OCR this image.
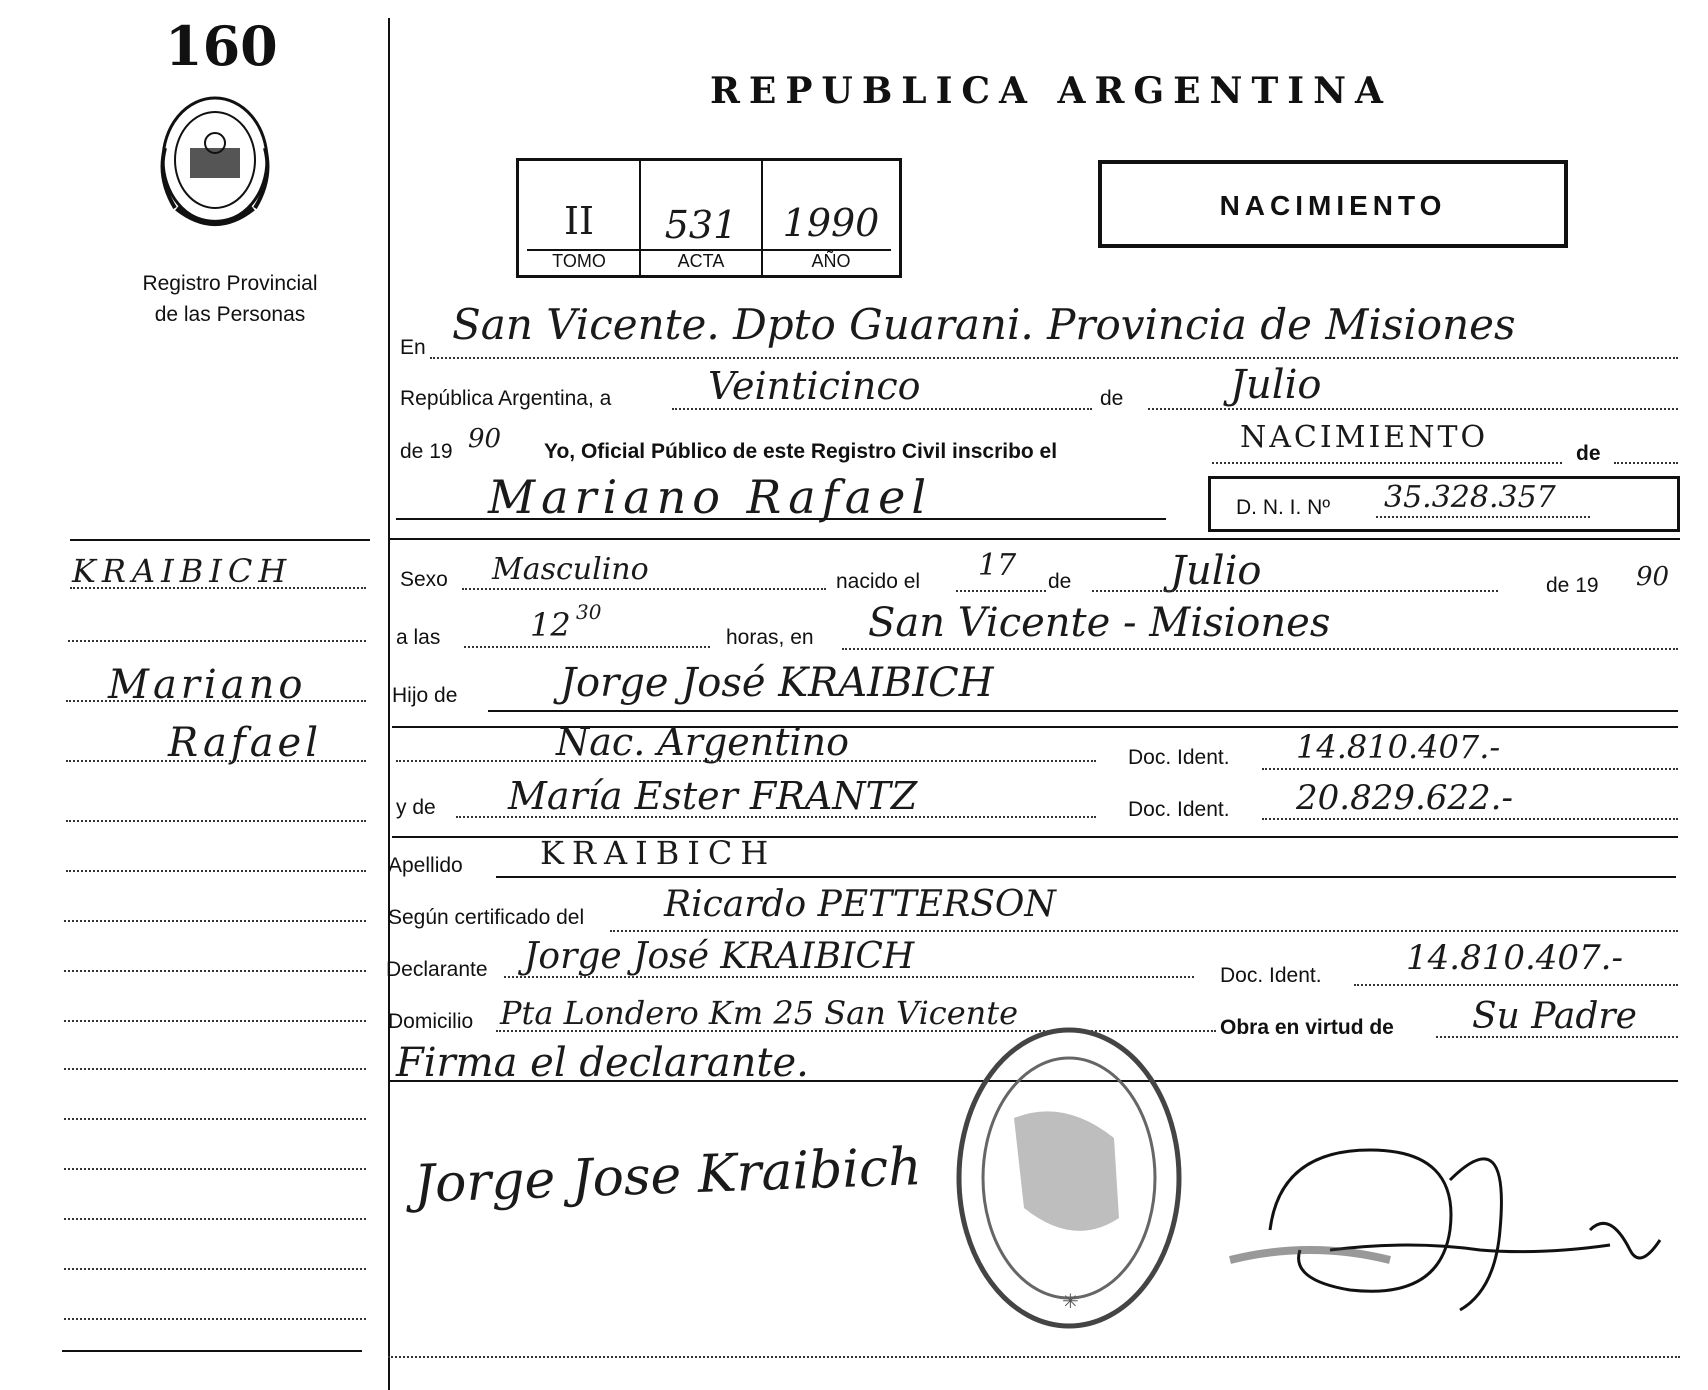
160
Registro Provincial
de las Personas
KRAIBICH
Mariano
Rafael
REPUBLICA ARGENTINA
II	531	1990
TOMO	ACTA	AÑO
NACIMIENTO
En San Vicente. Dpto Guarani. Provincia de Misiones
República Argentina, a	Veinticinco	de	Julio
de 19 90 Yo, Oficial Público de este Registro Civil inscribo el	NACIMIENTO	de
Mariano Rafael	D. N. I. Nº 35.328.357
Sexo Masculino	nacido el 17 de Julio	de 19 90
a las	12 30
horas, en San Vicente - Misiones
Hijo de	Jorge José KRAIBICH
Nac. Argentino	Doc. Ident. 14.810.407.-
y de María Ester FRANTZ	Doc. Ident. 20.829.622.-
Apellido KRAIBICH
Según certificado del Ricardo PETTERSON
Declarante Jorge José KRAIBICH	Doc. Ident. 14.810.407.-
Domicilio Pta Londero Km 25 San Vicente	Obra en virtud de Su Padre
Firma el declarante.
Jorge Jose Kraibich
✳
